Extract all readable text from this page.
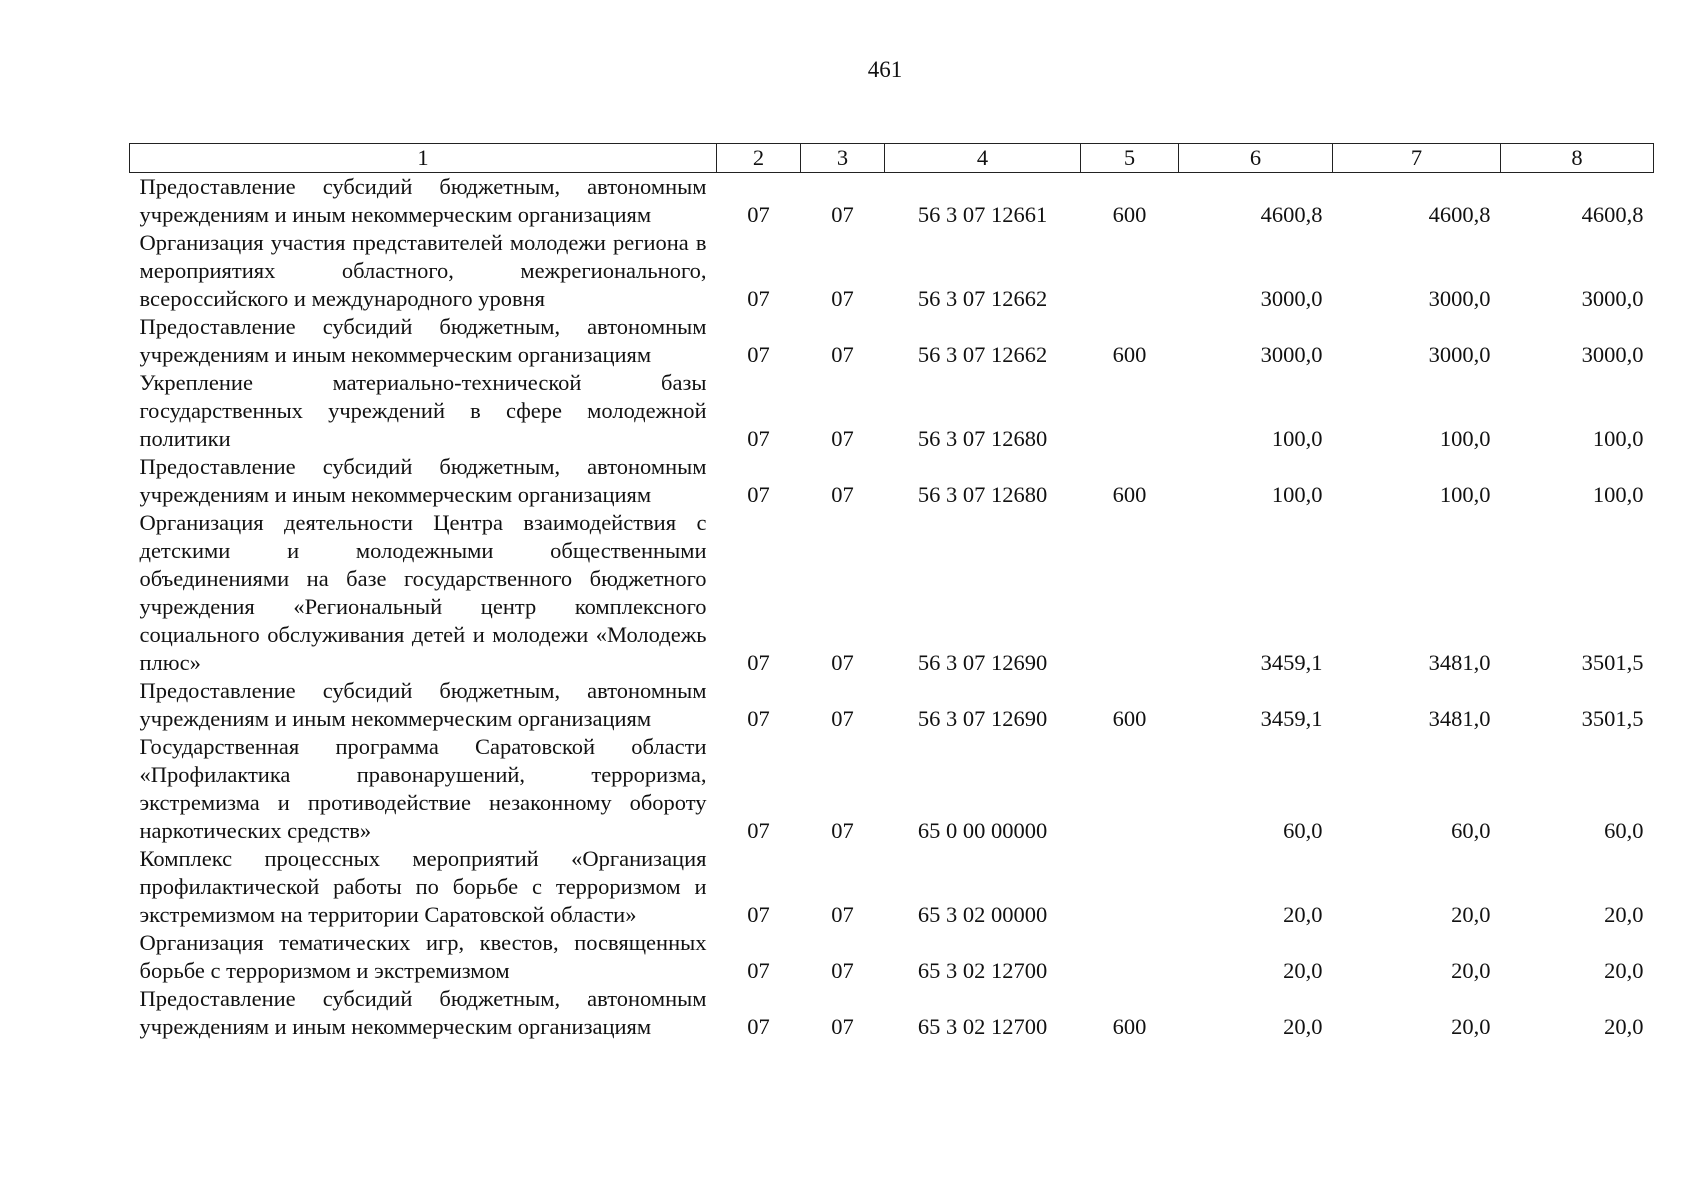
461
1	2	3	4	5	6	7	8
Предоставление субсидий бюджетным, автономным учреждениям и иным некоммерческим организациям	07	07	56 3 07 12661	600	4600,8	4600,8	4600,8
Организация участия представителей молодежи региона в мероприятиях областного, межрегионального, всероссийского и международного уровня	07	07	56 3 07 12662		3000,0	3000,0	3000,0
Предоставление субсидий бюджетным, автономным учреждениям и иным некоммерческим организациям	07	07	56 3 07 12662	600	3000,0	3000,0	3000,0
Укрепление материально-технической базы государственных учреждений в сфере молодежной политики	07	07	56 3 07 12680		100,0	100,0	100,0
Предоставление субсидий бюджетным, автономным учреждениям и иным некоммерческим организациям	07	07	56 3 07 12680	600	100,0	100,0	100,0
Организация деятельности Центра взаимодействия с детскими и молодежными общественными объединениями на базе государственного бюджетного учреждения «Региональный центр комплексного социального обслуживания детей и молодежи «Молодежь плюс»	07	07	56 3 07 12690		3459,1	3481,0	3501,5
Предоставление субсидий бюджетным, автономным учреждениям и иным некоммерческим организациям	07	07	56 3 07 12690	600	3459,1	3481,0	3501,5
Государственная программа Саратовской области «Профилактика правонарушений, терроризма, экстремизма и противодействие незаконному обороту наркотических средств»	07	07	65 0 00 00000		60,0	60,0	60,0
Комплекс процессных мероприятий «Организация профилактической работы по борьбе с терроризмом и экстремизмом на территории Саратовской области»	07	07	65 3 02 00000		20,0	20,0	20,0
Организация тематических игр, квестов, посвященных борьбе с терроризмом и экстремизмом	07	07	65 3 02 12700		20,0	20,0	20,0
Предоставление субсидий бюджетным, автономным учреждениям и иным некоммерческим организациям	07	07	65 3 02 12700	600	20,0	20,0	20,0
